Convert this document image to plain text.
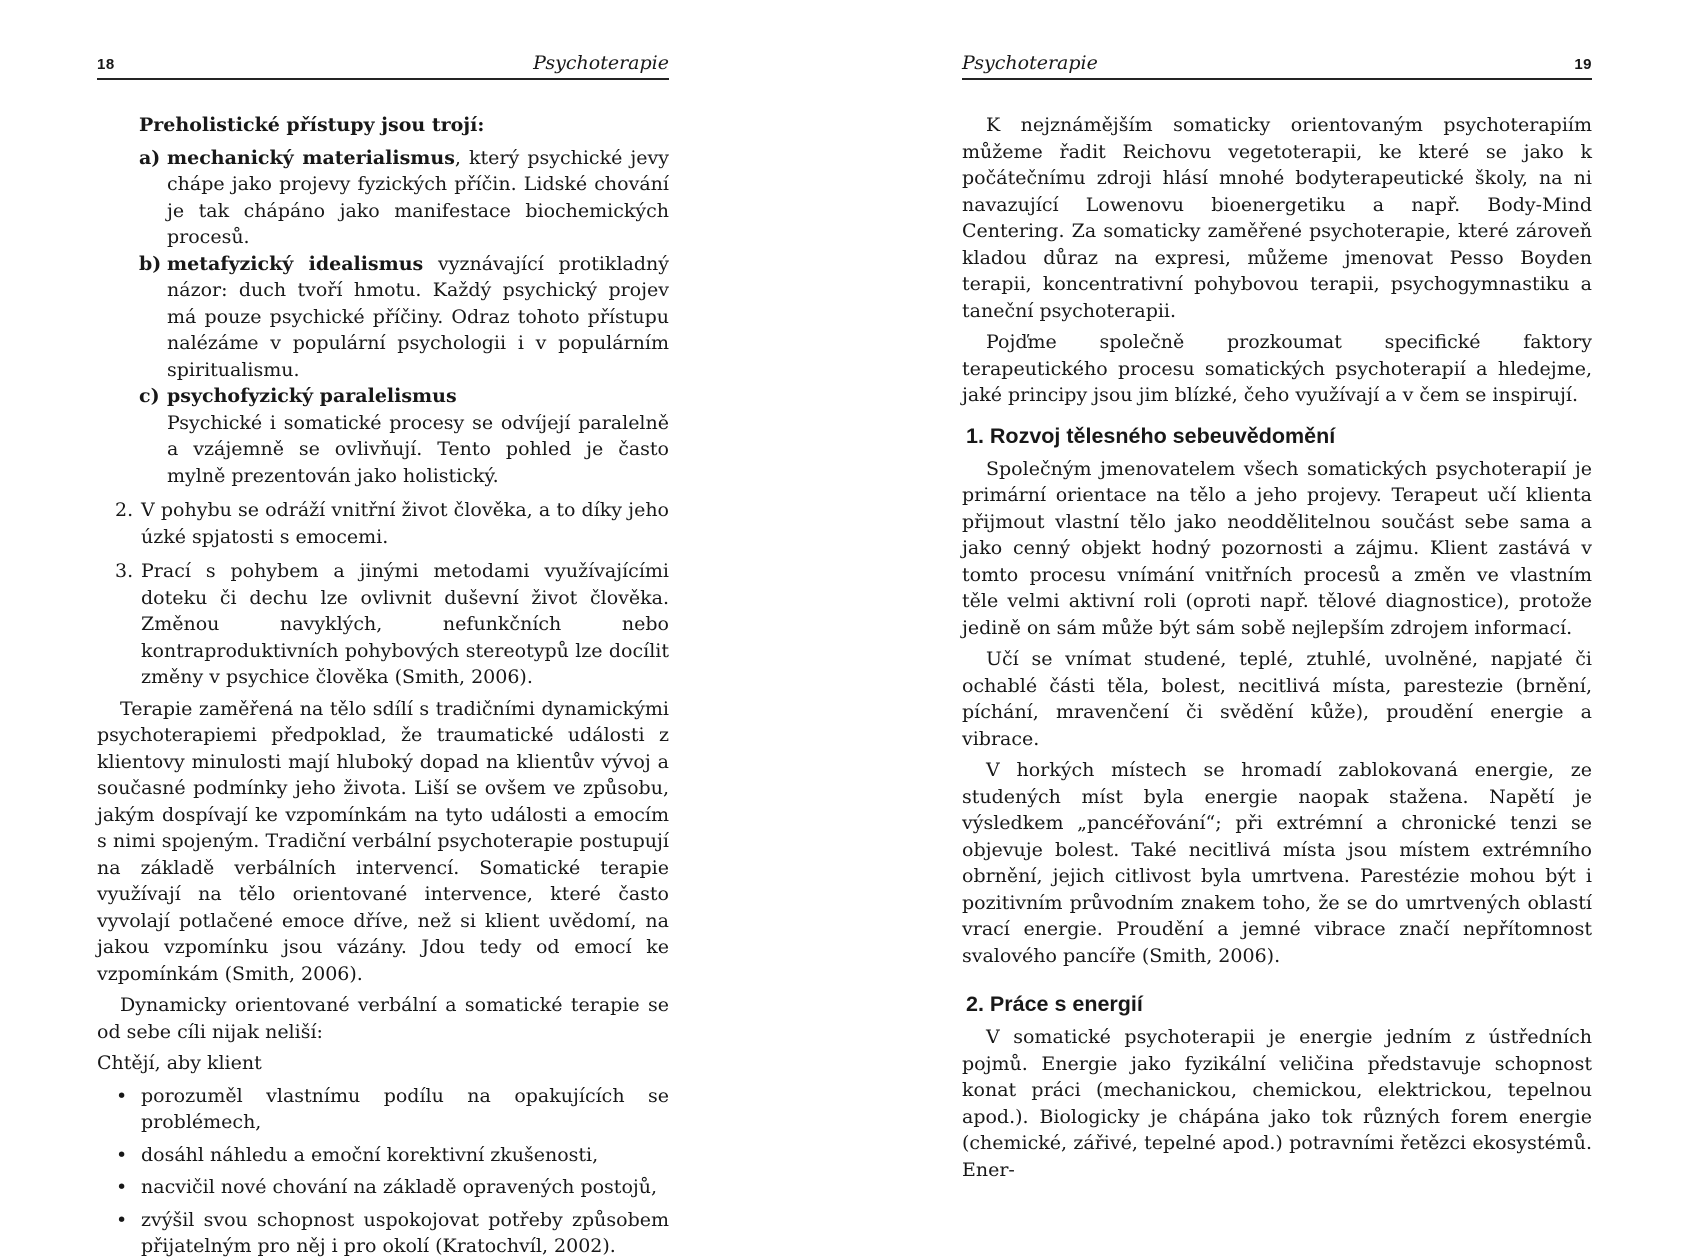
18	Psychoterapie
Preholistické přístupy jsou trojí:
a) mechanický materialismus, který psychické jevy chápe jako projevy fyzických příčin. Lidské chování je tak chápáno jako manifestace biochemických procesů.
b) metafyzický idealismus vyznávající protikladný názor: duch tvoří hmotu. Každý psychický projev má pouze psychické příčiny. Odraz tohoto přístupu nalézáme v populární psychologii i v populárním spiritualismu.
c) psychofyzický paralelismus
Psychické i somatické procesy se odvíjejí paralelně a vzájemně se ovlivňují. Tento pohled je často mylně prezentován jako holistický.
2. V pohybu se odráží vnitřní život člověka, a to díky jeho úzké spjatosti s emocemi.
3. Prací s pohybem a jinými metodami využívajícími doteku či dechu lze ovlivnit duševní život člověka. Změnou navyklých, nefunkčních nebo kontraproduktivních pohybových stereotypů lze docílit změny v psychice člověka (Smith, 2006).
Terapie zaměřená na tělo sdílí s tradičními dynamickými psychoterapiemi předpoklad, že traumatické události z klientovy minulosti mají hluboký dopad na klientův vývoj a současné podmínky jeho života. Liší se ovšem ve způsobu, jakým dospívají ke vzpomínkám na tyto události a emocím s nimi spojeným. Tradiční verbální psychoterapie postupují na základě verbálních intervencí. Somatické terapie využívají na tělo orientované intervence, které často vyvolají potlačené emoce dříve, než si klient uvědomí, na jakou vzpomínku jsou vázány. Jdou tedy od emocí ke vzpomínkám (Smith, 2006).
Dynamicky orientované verbální a somatické terapie se od sebe cíli nijak neliší:
Chtějí, aby klient
• porozuměl vlastnímu podílu na opakujících se problémech,
• dosáhl náhledu a emoční korektivní zkušenosti,
• nacvičil nové chování na základě opravených postojů,
• zvýšil svou schopnost uspokojovat potřeby způsobem přijatelným pro něj i pro okolí (Kratochvíl, 2002).
Psychoterapie	19
K nejznámějším somaticky orientovaným psychoterapiím můžeme řadit Reichovu vegetoterapii, ke které se jako k počátečnímu zdroji hlásí mnohé bodyterapeutické školy, na ni navazující Lowenovu bioenergetiku a např. Body-Mind Centering. Za somaticky zaměřené psychoterapie, které zároveň kladou důraz na expresi, můžeme jmenovat Pesso Boyden terapii, koncentrativní pohybovou terapii, psychogymnastiku a taneční psychoterapii.
Pojďme společně prozkoumat specifické faktory terapeutického procesu somatických psychoterapií a hledejme, jaké principy jsou jim blízké, čeho využívají a v čem se inspirují.
1. Rozvoj tělesného sebeuvědomění
Společným jmenovatelem všech somatických psychoterapií je primární orientace na tělo a jeho projevy. Terapeut učí klienta přijmout vlastní tělo jako neoddělitelnou součást sebe sama a jako cenný objekt hodný pozornosti a zájmu. Klient zastává v tomto procesu vnímání vnitřních procesů a změn ve vlastním těle velmi aktivní roli (oproti např. tělové diagnostice), protože jedině on sám může být sám sobě nejlepším zdrojem informací.
Učí se vnímat studené, teplé, ztuhlé, uvolněné, napjaté či ochablé části těla, bolest, necitlivá místa, parestezie (brnění, píchání, mravenčení či svědění kůže), proudění energie a vibrace.
V horkých místech se hromadí zablokovaná energie, ze studených míst byla energie naopak stažena. Napětí je výsledkem „pancéřování“; při extrémní a chronické tenzi se objevuje bolest. Také necitlivá místa jsou místem extrémního obrnění, jejich citlivost byla umrtvena. Parestézie mohou být i pozitivním průvodním znakem toho, že se do umrtvených oblastí vrací energie. Proudění a jemné vibrace značí nepřítomnost svalového pancíře (Smith, 2006).
2. Práce s energií
V somatické psychoterapii je energie jedním z ústředních pojmů. Energie jako fyzikální veličina představuje schopnost konat práci (mechanickou, chemickou, elektrickou, tepelnou apod.). Biologicky je chápána jako tok různých forem energie (chemické, zářivé, tepelné apod.) potravními řetězci ekosystémů. Ener-
